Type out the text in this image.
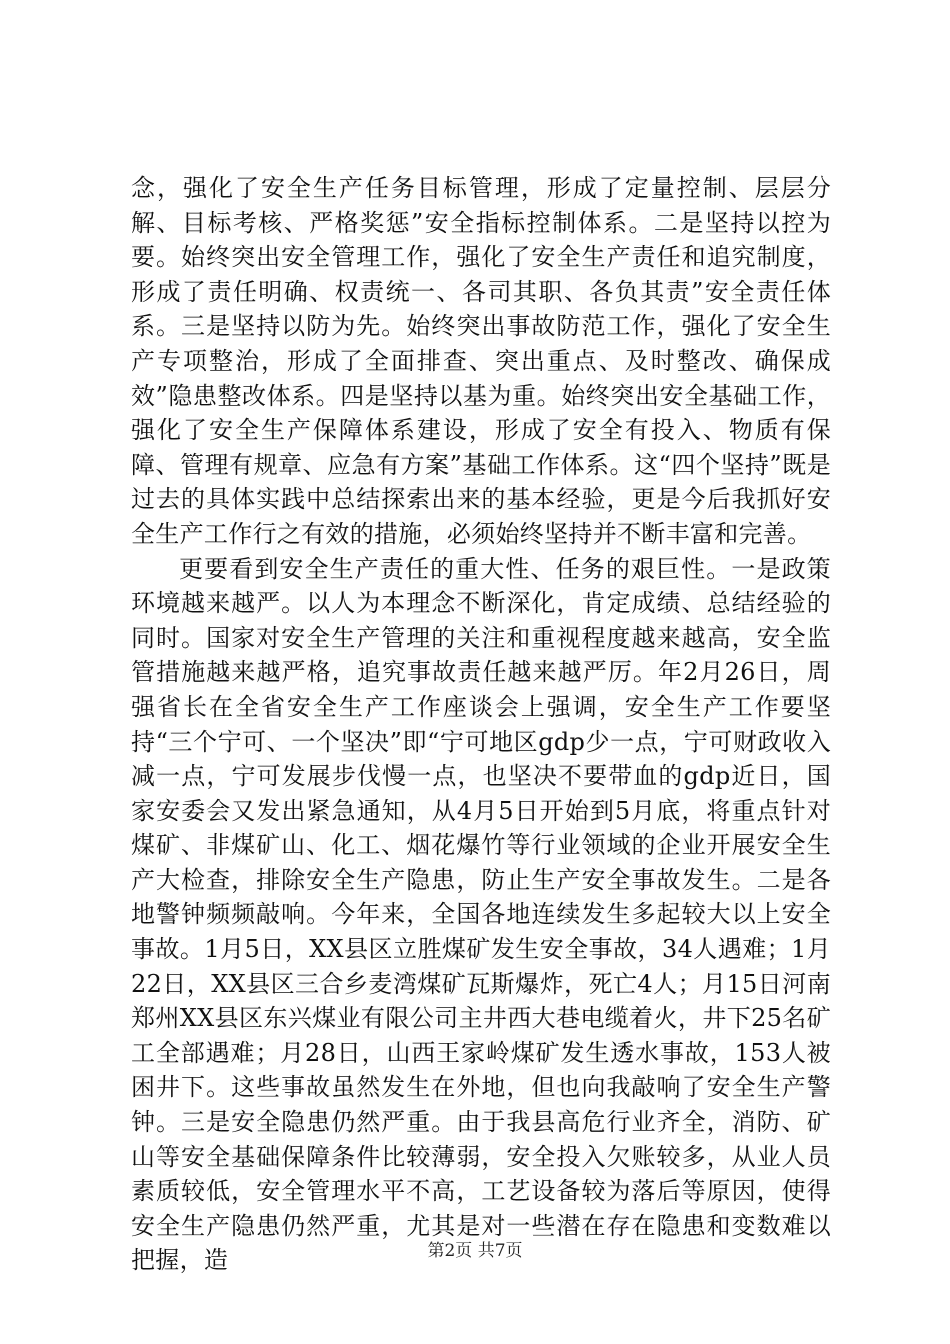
念，强化了安全生产任务目标管理，形成了定量控制、层层分解、目标考核、严格奖惩”安全指标控制体系。二是坚持以控为要。始终突出安全管理工作，强化了安全生产责任和追究制度，形成了责任明确、权责统一、各司其职、各负其责”安全责任体系。三是坚持以防为先。始终突出事故防范工作，强化了安全生产专项整治，形成了全面排查、突出重点、及时整改、确保成效”隐患整改体系。四是坚持以基为重。始终突出安全基础工作，强化了安全生产保障体系建设，形成了安全有投入、物质有保障、管理有规章、应急有方案”基础工作体系。这“四个坚持”既是过去的具体实践中总结探索出来的基本经验，更是今后我抓好安全生产工作行之有效的措施，必须始终坚持并不断丰富和完善。

更要看到安全生产责任的重大性、任务的艰巨性。一是政策环境越来越严。以人为本理念不断深化，肯定成绩、总结经验的同时。国家对安全生产管理的关注和重视程度越来越高，安全监管措施越来越严格，追究事故责任越来越严厉。年2月26日，周强省长在全省安全生产工作座谈会上强调，安全生产工作要坚持“三个宁可、一个坚决”即“宁可地区gdp少一点，宁可财政收入减一点，宁可发展步伐慢一点，也坚决不要带血的gdp近日，国家安委会又发出紧急通知，从4月5日开始到5月底，将重点针对煤矿、非煤矿山、化工、烟花爆竹等行业领域的企业开展安全生产大检查，排除安全生产隐患，防止生产安全事故发生。二是各地警钟频频敲响。今年来，全国各地连续发生多起较大以上安全事故。1月5日，XX县区立胜煤矿发生安全事故，34人遇难；1月22日，XX县区三合乡麦湾煤矿瓦斯爆炸，死亡4人；月15日河南郑州XX县区东兴煤业有限公司主井西大巷电缆着火，井下25名矿工全部遇难；月28日，山西王家岭煤矿发生透水事故，153人被困井下。这些事故虽然发生在外地，但也向我敲响了安全生产警钟。三是安全隐患仍然严重。由于我县高危行业齐全，消防、矿山等安全基础保障条件比较薄弱，安全投入欠账较多，从业人员素质较低，安全管理水平不高，工艺设备较为落后等原因，使得安全生产隐患仍然严重，尤其是对一些潜在存在隐患和变数难以把握，造	第2页 共7页
